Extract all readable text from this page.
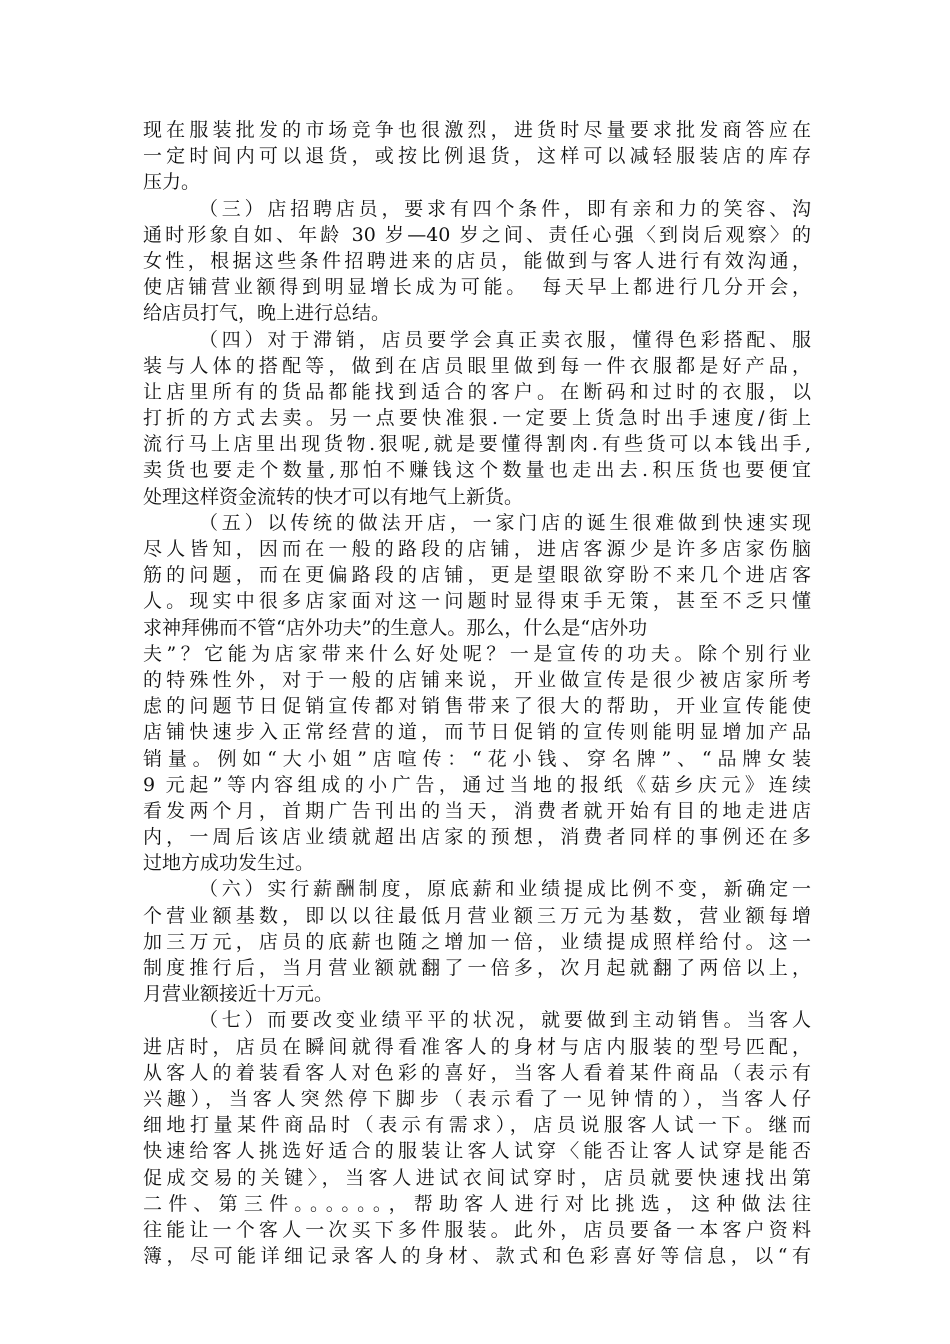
现在服装批发的市场竞争也很激烈，进货时尽量要求批发商答应在
一定时间内可以退货，或按比例退货，这样可以减轻服装店的库存
压力。
（三）店招聘店员，要求有四个条件，即有亲和力的笑容、沟
通时形象自如、年龄 30 岁—40 岁之间、责任心强〈到岗后观察〉的
女性，根据这些条件招聘进来的店员，能做到与客人进行有效沟通，
使店铺营业额得到明显增长成为可能。　每天早上都进行几分开会，
给店员打气，晚上进行总结。
（四）对于滞销，店员要学会真正卖衣服，懂得色彩搭配、服
装与人体的搭配等，做到在店员眼里做到每一件衣服都是好产品，
让店里所有的货品都能找到适合的客户。在断码和过时的衣服，以
打折的方式去卖。另一点要快准狠.一定要上货急时出手速度/街上
流行马上店里出现货物.狠呢,就是要懂得割肉.有些货可以本钱出手,
卖货也要走个数量,那怕不赚钱这个数量也走出去.积压货也要便宜
处理这样资金流转的快才可以有地气上新货。
（五）以传统的做法开店，一家门店的诞生很难做到快速实现
尽人皆知，因而在一般的路段的店铺，进店客源少是许多店家伤脑
筋的问题，而在更偏路段的店铺，更是望眼欲穿盼不来几个进店客
人。现实中很多店家面对这一问题时显得束手无策，甚至不乏只懂
求神拜佛而不管“店外功夫”的生意人。那么，什么是“店外功
夫”？它能为店家带来什么好处呢？一是宣传的功夫。除个别行业
的特殊性外，对于一般的店铺来说，开业做宣传是很少被店家所考
虑的问题节日促销宣传都对销售带来了很大的帮助，开业宣传能使
店铺快速步入正常经营的道，而节日促销的宣传则能明显增加产品
销量。例如“大小姐”店喧传：“花小钱、穿名牌”、“品牌女装
9 元起”等内容组成的小广告，通过当地的报纸《菇乡庆元》连续
看发两个月，首期广告刊出的当天，消费者就开始有目的地走进店
内，一周后该店业绩就超出店家的预想，消费者同样的事例还在多
过地方成功发生过。
（六）实行薪酬制度，原底薪和业绩提成比例不变，新确定一
个营业额基数，即以以往最低月营业额三万元为基数，营业额每增
加三万元，店员的底薪也随之增加一倍，业绩提成照样给付。这一
制度推行后，当月营业额就翻了一倍多，次月起就翻了两倍以上，
月营业额接近十万元。
（七）而要改变业绩平平的状况，就要做到主动销售。当客人
进店时，店员在瞬间就得看准客人的身材与店内服装的型号匹配，
从客人的着装看客人对色彩的喜好，当客人看着某件商品（表示有
兴趣），当客人突然停下脚步（表示看了一见钟情的），当客人仔
细地打量某件商品时（表示有需求），店员说服客人试一下。继而
快速给客人挑选好适合的服装让客人试穿〈能否让客人试穿是能否
促成交易的关键〉，当客人进试衣间试穿时，店员就要快速找出第
二件、第三件。。。。。。，帮助客人进行对比挑选，这种做法往
往能让一个客人一次买下多件服装。此外，店员要备一本客户资料
簿，尽可能详细记录客人的身材、款式和色彩喜好等信息，以“有
